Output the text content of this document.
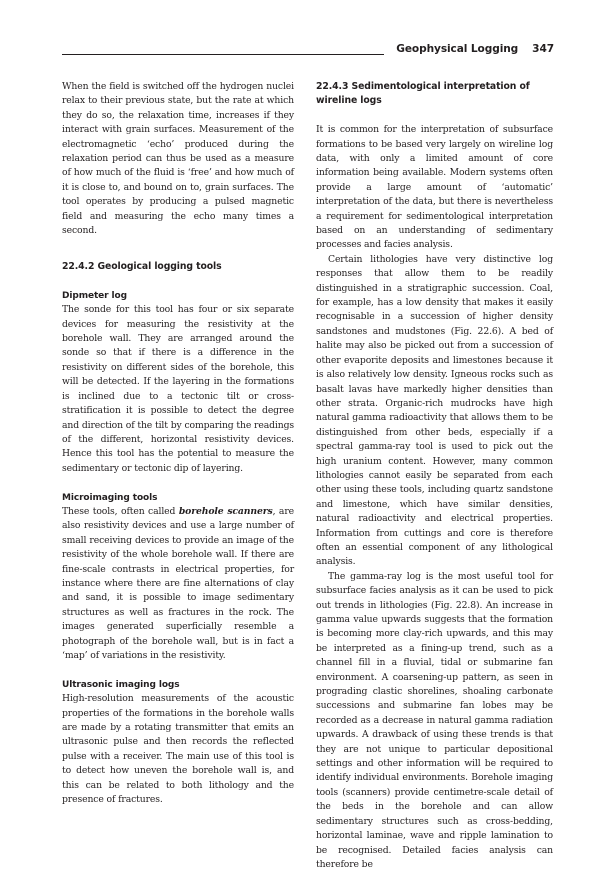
Geophysical Logging 347

When the field is switched off the hydrogen nuclei relax to their previous state, but the rate at which they do so, the relaxation time, increases if they interact with grain surfaces. Measurement of the electromagnetic ‘echo’ produced during the relaxation period can thus be used as a measure of how much of the fluid is ‘free’ and how much of it is close to, and bound on to, grain surfaces. The tool operates by producing a pulsed magnetic field and measuring the echo many times a second.

22.4.2 Geological logging tools
Dipmeter log

The sonde for this tool has four or six separate devices for measuring the resistivity at the borehole wall. They are arranged around the sonde so that if there is a difference in the resistivity on different sides of the borehole, this will be detected. If the layering in the formations is inclined due to a tectonic tilt or cross-stratification it is possible to detect the degree and direction of the tilt by comparing the readings of the different, horizontal resistivity devices. Hence this tool has the potential to measure the sedimentary or tectonic dip of layering.

Microimaging tools

These tools, often called borehole scanners, are also resistivity devices and use a large number of small receiving devices to provide an image of the resistivity of the whole borehole wall. If there are fine-scale contrasts in electrical properties, for instance where there are fine alternations of clay and sand, it is possible to image sedimentary structures as well as fractures in the rock. The images generated superficially resemble a photograph of the borehole wall, but is in fact a ‘map’ of variations in the resistivity.

Ultrasonic imaging logs

High-resolution measurements of the acoustic properties of the formations in the borehole walls are made by a rotating transmitter that emits an ultrasonic pulse and then records the reflected pulse with a receiver. The main use of this tool is to detect how uneven the borehole wall is, and this can be related to both lithology and the presence of fractures.

22.4.3 Sedimentological interpretation of wireline logs

It is common for the interpretation of subsurface formations to be based very largely on wireline log data, with only a limited amount of core information being available. Modern systems often provide a large amount of ‘automatic’ interpretation of the data, but there is nevertheless a requirement for sedimentological interpretation based on an understanding of sedimentary processes and facies analysis.

Certain lithologies have very distinctive log responses that allow them to be readily distinguished in a stratigraphic succession. Coal, for example, has a low density that makes it easily recognisable in a succession of higher density sandstones and mudstones (Fig. 22.6). A bed of halite may also be picked out from a succession of other evaporite deposits and limestones because it is also relatively low density. Igneous rocks such as basalt lavas have markedly higher densities than other strata. Organic-rich mudrocks have high natural gamma radioactivity that allows them to be distinguished from other beds, especially if a spectral gamma-ray tool is used to pick out the high uranium content. However, many common lithologies cannot easily be separated from each other using these tools, including quartz sandstone and limestone, which have similar densities, natural radioactivity and electrical properties. Information from cuttings and core is therefore often an essential component of any lithological analysis.

The gamma-ray log is the most useful tool for subsurface facies analysis as it can be used to pick out trends in lithologies (Fig. 22.8). An increase in gamma value upwards suggests that the formation is becoming more clay-rich upwards, and this may be interpreted as a fining-up trend, such as a channel fill in a fluvial, tidal or submarine fan environment. A coarsening-up pattern, as seen in prograding clastic shorelines, shoaling carbonate successions and submarine fan lobes may be recorded as a decrease in natural gamma radiation upwards. A drawback of using these trends is that they are not unique to particular depositional settings and other information will be required to identify individual environments. Borehole imaging tools (scanners) provide centimetre-scale detail of the beds in the borehole and can allow sedimentary structures such as cross-bedding, horizontal laminae, wave and ripple lamination to be recognised. Detailed facies analysis can therefore be
